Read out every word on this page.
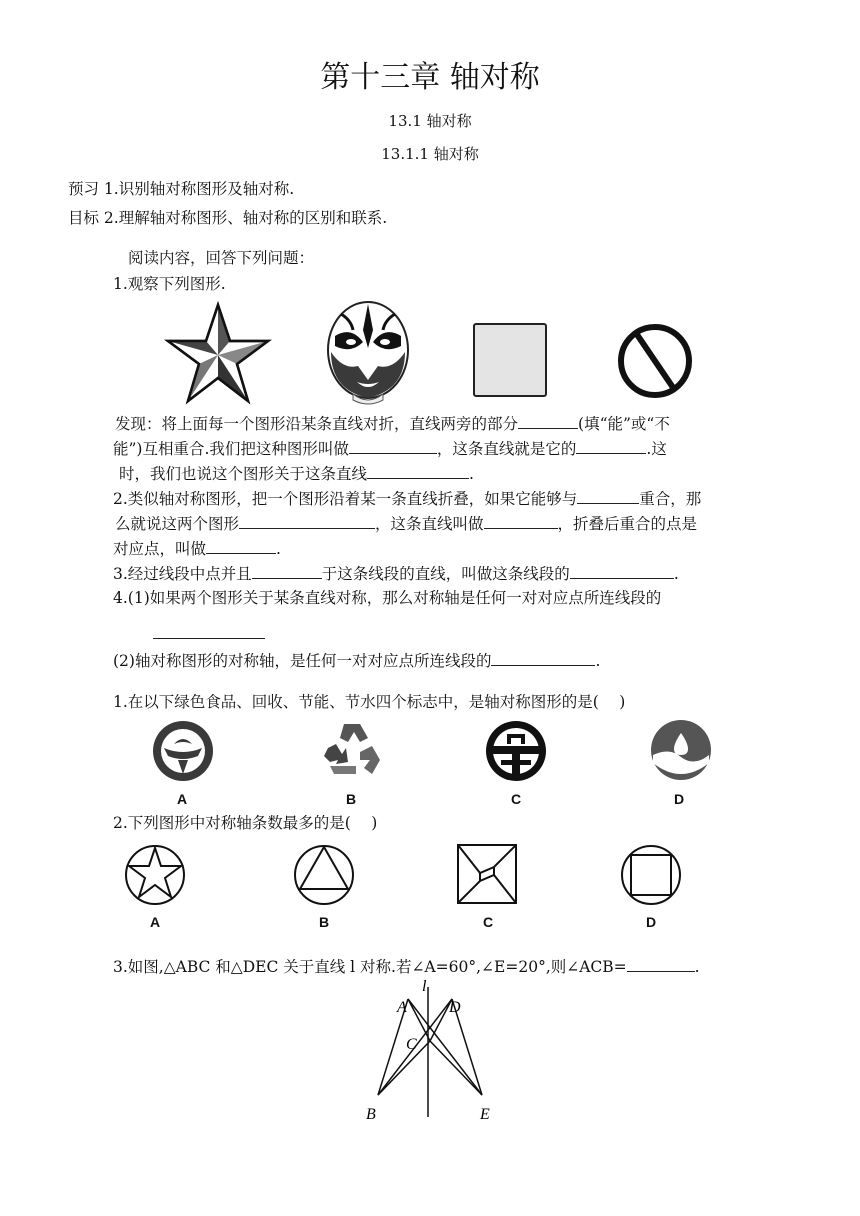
第十三章 轴对称
13.1 轴对称
13.1.1 轴对称
预习 1.识别轴对称图形及轴对称.
目标 2.理解轴对称图形、轴对称的区别和联系.
阅读内容，回答下列问题：
1.观察下列图形.
发现：将上面每一个图形沿某条直线对折，直线两旁的部分	(填“能”或“不
能”)互相重合.我们把这种图形叫做	，这条直线就是它的	.这
时，我们也说这个图形关于这条直线	.
2.类似轴对称图形，把一个图形沿着某一条直线折叠，如果它能够与	重合，那
么就说这两个图形	，这条直线叫做	，折叠后重合的点是
对应点，叫做	.
3.经过线段中点并且	于这条线段的直线，叫做这条线段的	.
4.(1)如果两个图形关于某条直线对称，那么对称轴是任何一对对应点所连线段的
(2)轴对称图形的对称轴，是任何一对对应点所连线段的	.
1.在以下绿色食品、回收、节能、节水四个标志中，是轴对称图形的是(　 )
A	B	C	D
2.下列图形中对称轴条数最多的是(　 )
A	B	C	D
3.如图,△ABC 和△DEC 关于直线 l 对称.若∠A=60°,∠E=20°,则∠ACB=	.
l
A	D
C
B	E
